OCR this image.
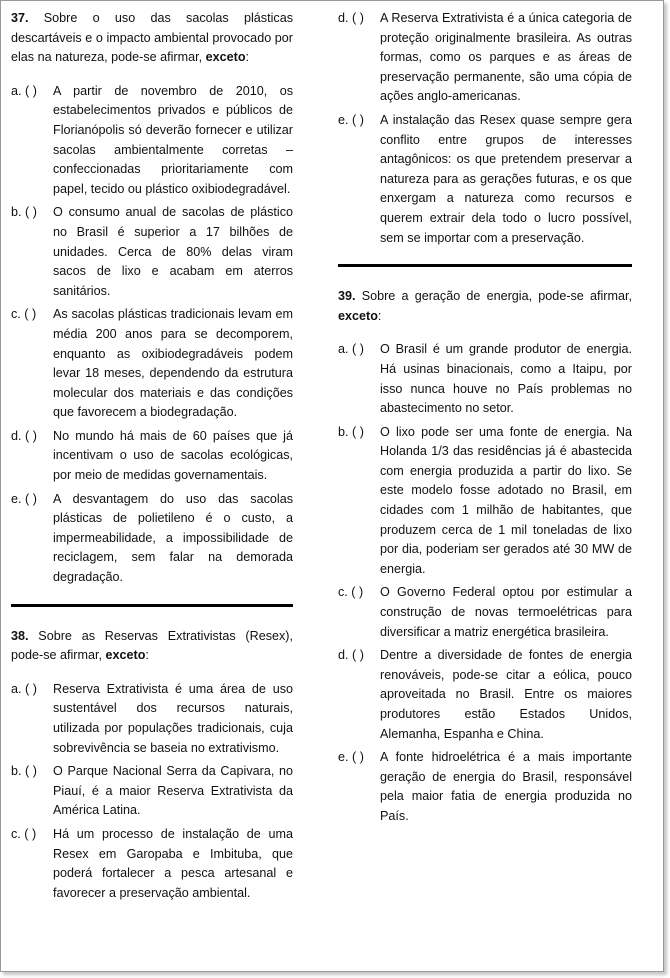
37. Sobre o uso das sacolas plásticas descartáveis e o impacto ambiental provocado por elas na natureza, pode-se afirmar, exceto:

a. ( )	A partir de novembro de 2010, os estabelecimentos privados e públicos de Florianópolis só deverão fornecer e utilizar sacolas ambientalmente corretas – confeccionadas prioritariamente com papel, tecido ou plástico oxibiodegradável.
b. ( )	O consumo anual de sacolas de plástico no Brasil é superior a 17 bilhões de unidades. Cerca de 80% delas viram sacos de lixo e acabam em aterros sanitários.
c. ( )	As sacolas plásticas tradicionais levam em média 200 anos para se decomporem, enquanto as oxibiodegradáveis podem levar 18 meses, dependendo da estrutura molecular dos materiais e das condições que favorecem a biodegradação.
d. ( )	No mundo há mais de 60 países que já incentivam o uso de sacolas ecológicas, por meio de medidas governamentais.
e. ( )	A desvantagem do uso das sacolas plásticas de polietileno é o custo, a impermeabilidade, a impossibilidade de reciclagem, sem falar na demorada degradação.

38. Sobre as Reservas Extrativistas (Resex), pode-se afirmar, exceto:

a. ( )	Reserva Extrativista é uma área de uso sustentável dos recursos naturais, utilizada por populações tradicionais, cuja sobrevivência se baseia no extrativismo.
b. ( )	O Parque Nacional Serra da Capivara, no Piauí, é a maior Reserva Extrativista da América Latina.
c. ( )	Há um processo de instalação de uma Resex em Garopaba e Imbituba, que poderá fortalecer a pesca artesanal e favorecer a preservação ambiental.
d. ( )	A Reserva Extrativista é a única categoria de proteção originalmente brasileira. As outras formas, como os parques e as áreas de preservação permanente, são uma cópia de ações anglo-americanas.
e. ( )	A instalação das Resex quase sempre gera conflito entre grupos de interesses antagônicos: os que pretendem preservar a natureza para as gerações futuras, e os que enxergam a natureza como recursos e querem extrair dela todo o lucro possível, sem se importar com a preservação.

39. Sobre a geração de energia, pode-se afirmar, exceto:

a. ( )	O Brasil é um grande produtor de energia. Há usinas binacionais, como a Itaipu, por isso nunca houve no País problemas no abastecimento no setor.
b. ( )	O lixo pode ser uma fonte de energia. Na Holanda 1/3 das residências já é abastecida com energia produzida a partir do lixo. Se este modelo fosse adotado no Brasil, em cidades com 1 milhão de habitantes, que produzem cerca de 1 mil toneladas de lixo por dia, poderiam ser gerados até 30 MW de energia.
c. ( )	O Governo Federal optou por estimular a construção de novas termoelétricas para diversificar a matriz energética brasileira.
d. ( )	Dentre a diversidade de fontes de energia renováveis, pode-se citar a eólica, pouco aproveitada no Brasil. Entre os maiores produtores estão Estados Unidos, Alemanha, Espanha e China.
e. ( )	A fonte hidroelétrica é a mais importante geração de energia do Brasil, responsável pela maior fatia de energia produzida no País.
